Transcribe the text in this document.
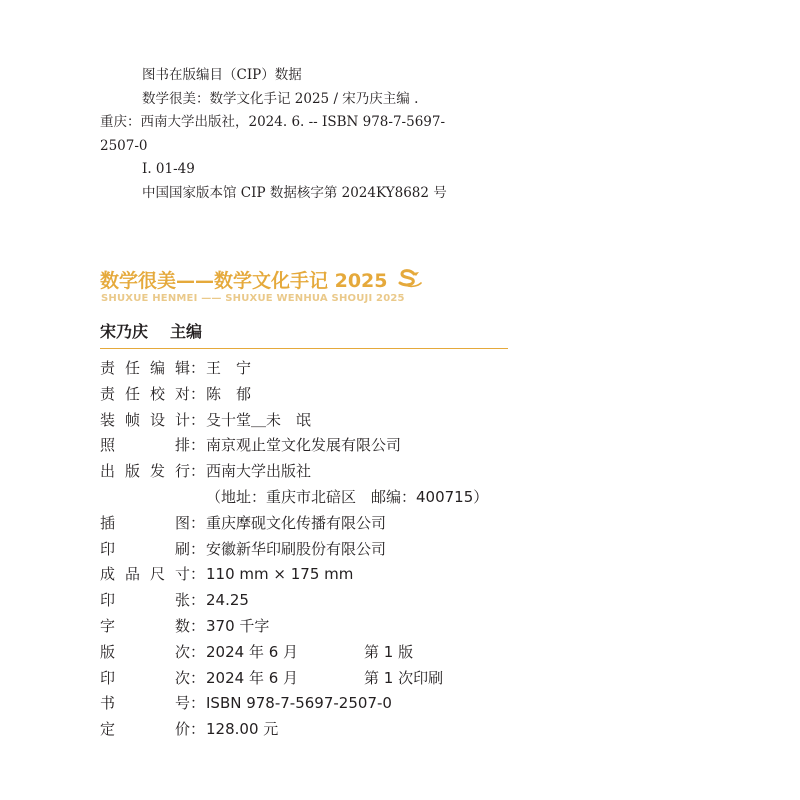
图书在版编目（CIP）数据
数学很美：数学文化手记 2025 / 宋乃庆主编 .
重庆：西南大学出版社，2024. 6. -- ISBN 978-7-5697-
2507-0
Ⅰ. 01-49
中国国家版本馆 CIP 数据核字第 2024KY8682 号
数学很美——数学文化手记 2025
SHUXUE HENMEI —— SHUXUE WENHUA SHOUJI 2025
宋乃庆 主编
责任编辑 ： 王　宁
责任校对 ： 陈　郁
装帧设计 ： 殳十堂＿未　氓
照　排 ： 南京观止堂文化发展有限公司
出版发行 ： 西南大学出版社
（地址：重庆市北碚区　邮编：400715）
插　图 ： 重庆摩砚文化传播有限公司
印　刷 ： 安徽新华印刷股份有限公司
成品尺寸 ： 110 mm × 175 mm
印　张 ： 24.25
字　数 ： 370 千字
版　次 ： 2024 年 6 月	第 1 版
印　次 ： 2024 年 6 月	第 1 次印刷
书　号 ： ISBN 978-7-5697-2507-0
定　价 ： 128.00 元
